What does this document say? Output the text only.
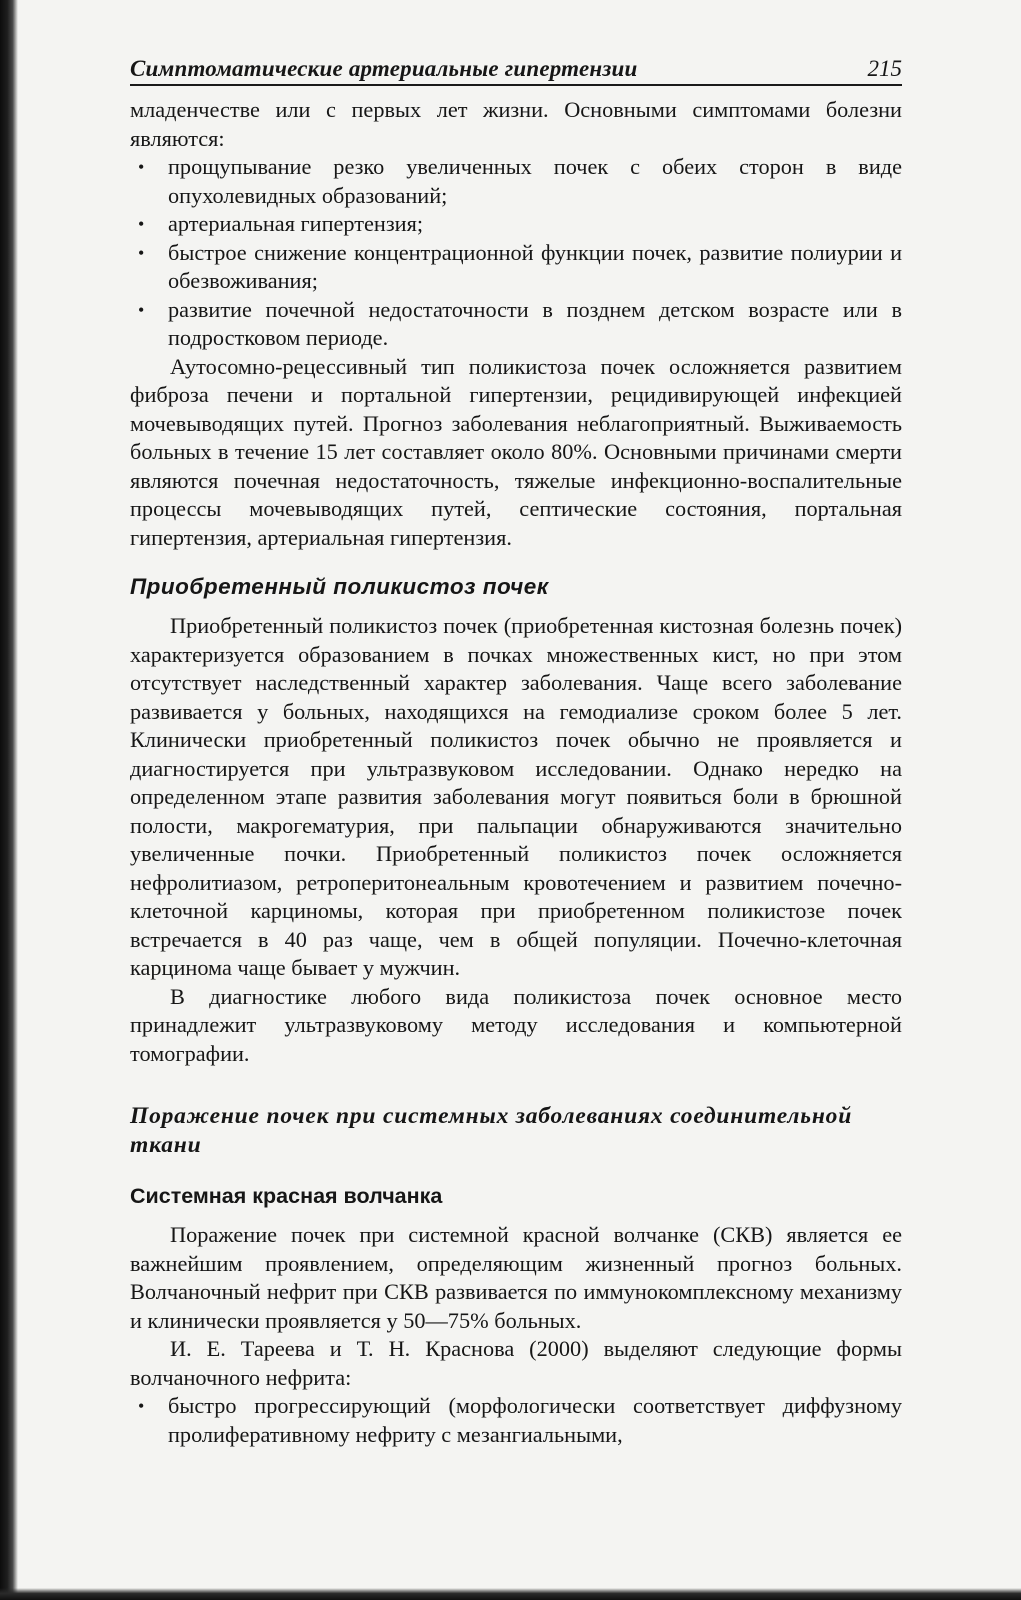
Симптоматические артериальные гипертензии	215

младенчестве или с первых лет жизни. Основными симптомами болезни являются:

• прощупывание резко увеличенных почек с обеих сторон в виде опухолевидных образований;
• артериальная гипертензия;
• быстрое снижение концентрационной функции почек, развитие полиурии и обезвоживания;
• развитие почечной недостаточности в позднем детском возрасте или в подростковом периоде.

Аутосомно-рецессивный тип поликистоза почек осложняется развитием фиброза печени и портальной гипертензии, рецидивирующей инфекцией мочевыводящих путей. Прогноз заболевания неблагоприятный. Выживаемость больных в течение 15 лет составляет около 80%. Основными причинами смерти являются почечная недостаточность, тяжелые инфекционно-воспалительные процессы мочевыводящих путей, септические состояния, портальная гипертензия, артериальная гипертензия.

Приобретенный поликистоз почек

Приобретенный поликистоз почек (приобретенная кистозная болезнь почек) характеризуется образованием в почках множественных кист, но при этом отсутствует наследственный характер заболевания. Чаще всего заболевание развивается у больных, находящихся на гемодиализе сроком более 5 лет. Клинически приобретенный поликистоз почек обычно не проявляется и диагностируется при ультразвуковом исследовании. Однако нередко на определенном этапе развития заболевания могут появиться боли в брюшной полости, макрогематурия, при пальпации обнаруживаются значительно увеличенные почки. Приобретенный поликистоз почек осложняется нефролитиазом, ретроперитонеальным кровотечением и развитием почечно-клеточной карциномы, которая при приобретенном поликистозе почек встречается в 40 раз чаще, чем в общей популяции. Почечно-клеточная карцинома чаще бывает у мужчин.

В диагностике любого вида поликистоза почек основное место принадлежит ультразвуковому методу исследования и компьютерной томографии.

Поражение почек при системных заболеваниях соединительной ткани
Системная красная волчанка

Поражение почек при системной красной волчанке (СКВ) является ее важнейшим проявлением, определяющим жизненный прогноз больных. Волчаночный нефрит при СКВ развивается по иммунокомплексному механизму и клинически проявляется у 50—75% больных.

И. Е. Тареева и Т. Н. Краснова (2000) выделяют следующие формы волчаночного нефрита:

• быстро прогрессирующий (морфологически соответствует диффузному пролиферативному нефриту с мезангиальными,
